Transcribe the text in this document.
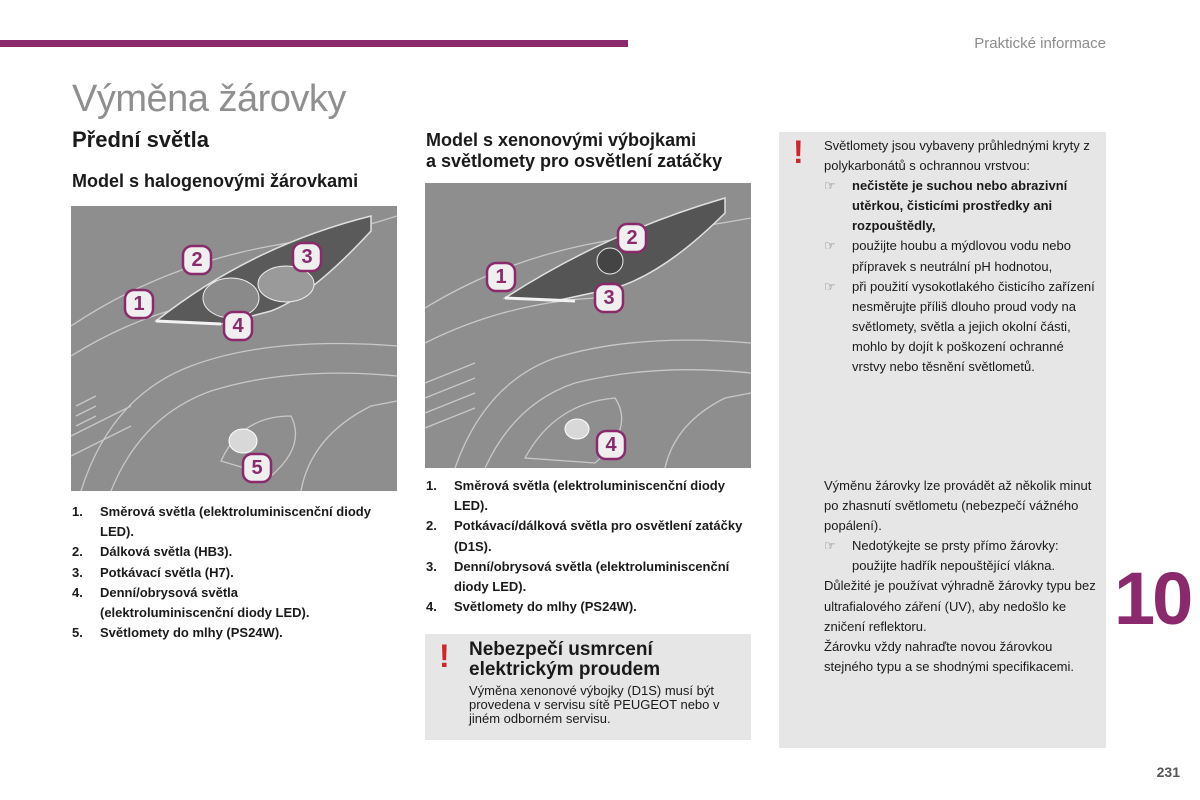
Praktické informace
Výměna žárovky
Přední světla
Model s halogenovými žárovkami
1
2	3
4
5
1. Směrová světla (elektroluminiscenční diody LED).
2. Dálková světla (HB3).
3. Potkávací světla (H7).
4. Denní/obrysová světla (elektroluminiscenční diody LED).
5. Světlomety do mlhy (PS24W).
Model s xenonovými výbojkami
a světlomety pro osvětlení zatáčky
1
2
3
4
1. Směrová světla (elektroluminiscenční diody LED).
2. Potkávací/dálková světla pro osvětlení zatáčky (D1S).
3. Denní/obrysová světla (elektroluminiscenční diody LED).
4. Světlomety do mlhy (PS24W).
! Nebezpečí usmrcení elektrickým proudem
Výměna xenonové výbojky (D1S) musí být provedena v servisu sítě PEUGEOT nebo v jiném odborném servisu.
! Světlomety jsou vybaveny průhlednými kryty z polykarbonátů s ochrannou vrstvou:
☞ nečistěte je suchou nebo abrazivní utěrkou, čisticími prostředky ani rozpouštědly,
☞ použijte houbu a mýdlovou vodu nebo přípravek s neutrální pH hodnotou,
☞ při použití vysokotlakého čisticího zařízení nesměrujte příliš dlouho proud vody na světlomety, světla a jejich okolní části, mohlo by dojít k poškození ochranné vrstvy nebo těsnění světlometů.
Výměnu žárovky lze provádět až několik minut po zhasnutí světlometu (nebezpečí vážného popálení).
☞ Nedotýkejte se prsty přímo žárovky: použijte hadřík nepouštějící vlákna.
Důležité je používat výhradně žárovky typu bez ultrafialového záření (UV), aby nedošlo ke zničení reflektoru.
Žárovku vždy nahraďte novou žárovkou stejného typu a se shodnými specifikacemi.
10
231
